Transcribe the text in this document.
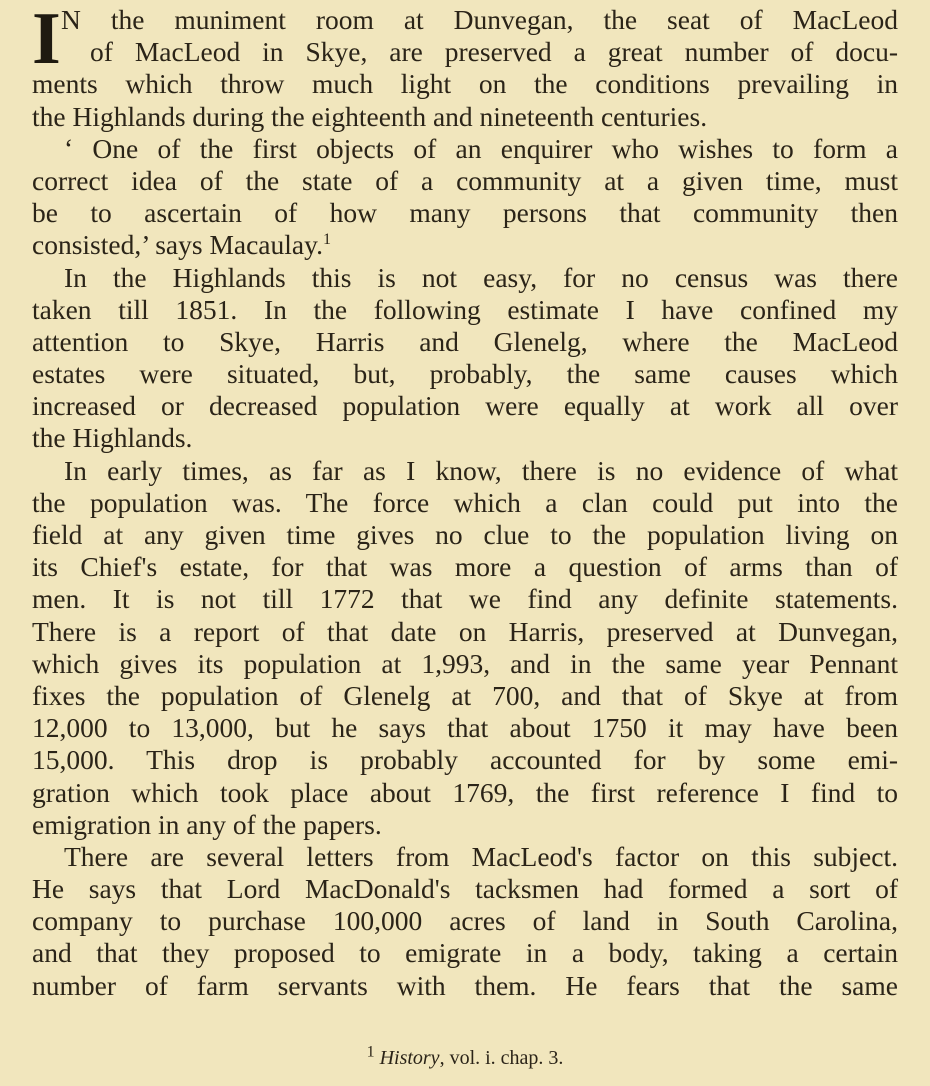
I N the muniment room at Dunvegan, the seat of MacLeod
of MacLeod in Skye, are preserved a great number of docu-
ments which throw much light on the conditions prevailing in
the Highlands during the eighteenth and nineteenth centuries.
‘ One of the first objects of an enquirer who wishes to form a
correct idea of the state of a community at a given time, must
be to ascertain of how many persons that community then
consisted,’ says Macaulay.$^1$
In the Highlands this is not easy, for no census was there
taken till 1851. In the following estimate I have confined my
attention to Skye, Harris and Glenelg, where the MacLeod
estates were situated, but, probably, the same causes which
increased or decreased population were equally at work all over
the Highlands.
In early times, as far as I know, there is no evidence of what
the population was. The force which a clan could put into the
field at any given time gives no clue to the population living on
its Chief's estate, for that was more a question of arms than of
men. It is not till 1772 that we find any definite statements.
There is a report of that date on Harris, preserved at Dunvegan,
which gives its population at 1,993, and in the same year Pennant
fixes the population of Glenelg at 700, and that of Skye at from
12,000 to 13,000, but he says that about 1750 it may have been
15,000. This drop is probably accounted for by some emi-
gration which took place about 1769, the first reference I find to
emigration in any of the papers.
There are several letters from MacLeod's factor on this subject.
He says that Lord MacDonald's tacksmen had formed a sort of
company to purchase 100,000 acres of land in South Carolina,
and that they proposed to emigrate in a body, taking a certain
number of farm servants with them. He fears that the same
$^1$ History, vol. i. chap. 3.
